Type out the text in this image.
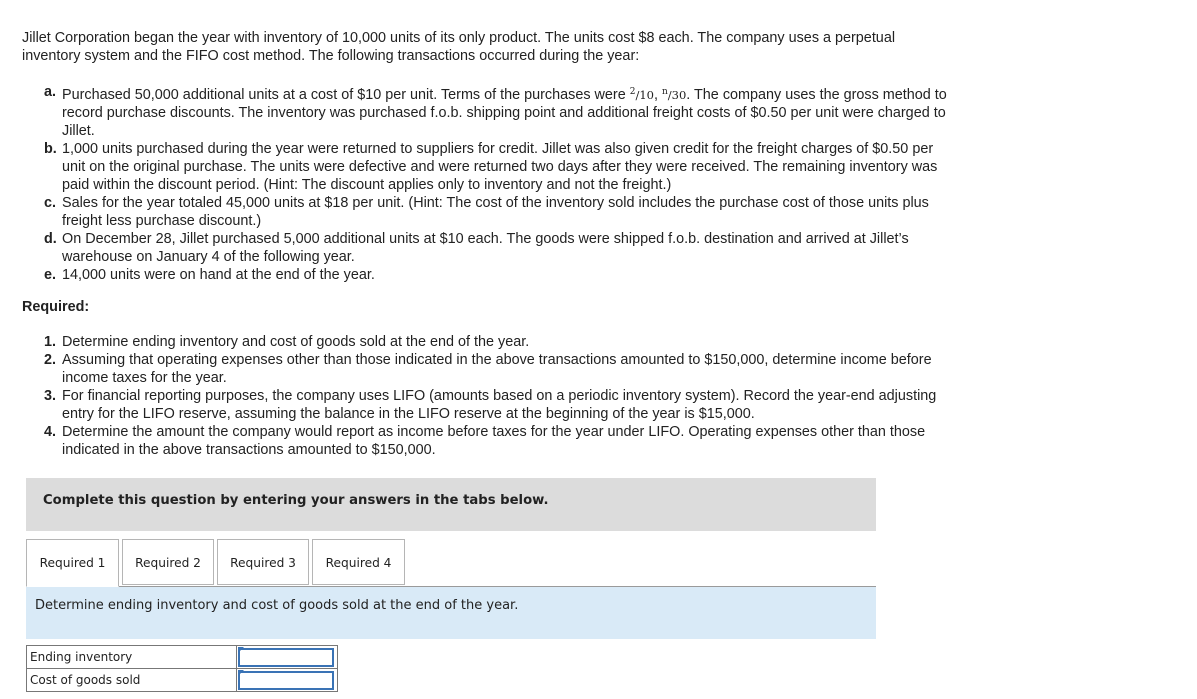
Jillet Corporation began the year with inventory of 10,000 units of its only product. The units cost $8 each. The company uses a perpetual inventory system and the FIFO cost method. The following transactions occurred during the year:

a. Purchased 50,000 additional units at a cost of $10 per unit. Terms of the purchases were $^2$/10, $^n$/30. The company uses the gross method to record purchase discounts. The inventory was purchased f.o.b. shipping point and additional freight costs of $0.50 per unit were charged to Jillet.
b. 1,000 units purchased during the year were returned to suppliers for credit. Jillet was also given credit for the freight charges of $0.50 per unit on the original purchase. The units were defective and were returned two days after they were received. The remaining inventory was paid within the discount period. (Hint: The discount applies only to inventory and not the freight.)
c. Sales for the year totaled 45,000 units at $18 per unit. (Hint: The cost of the inventory sold includes the purchase cost of those units plus freight less purchase discount.)
d. On December 28, Jillet purchased 5,000 additional units at $10 each. The goods were shipped f.o.b. destination and arrived at Jillet’s warehouse on January 4 of the following year.
e. 14,000 units were on hand at the end of the year.

Required:

1. Determine ending inventory and cost of goods sold at the end of the year.
2. Assuming that operating expenses other than those indicated in the above transactions amounted to $150,000, determine income before income taxes for the year.
3. For financial reporting purposes, the company uses LIFO (amounts based on a periodic inventory system). Record the year-end adjusting entry for the LIFO reserve, assuming the balance in the LIFO reserve at the beginning of the year is $15,000.
4. Determine the amount the company would report as income before taxes for the year under LIFO. Operating expenses other than those indicated in the above transactions amounted to $150,000.
Complete this question by entering your answers in the tabs below.
Required 1	Required 2	Required 3	Required 4
Determine ending inventory and cost of goods sold at the end of the year.
Ending inventory	

Cost of goods sold	
